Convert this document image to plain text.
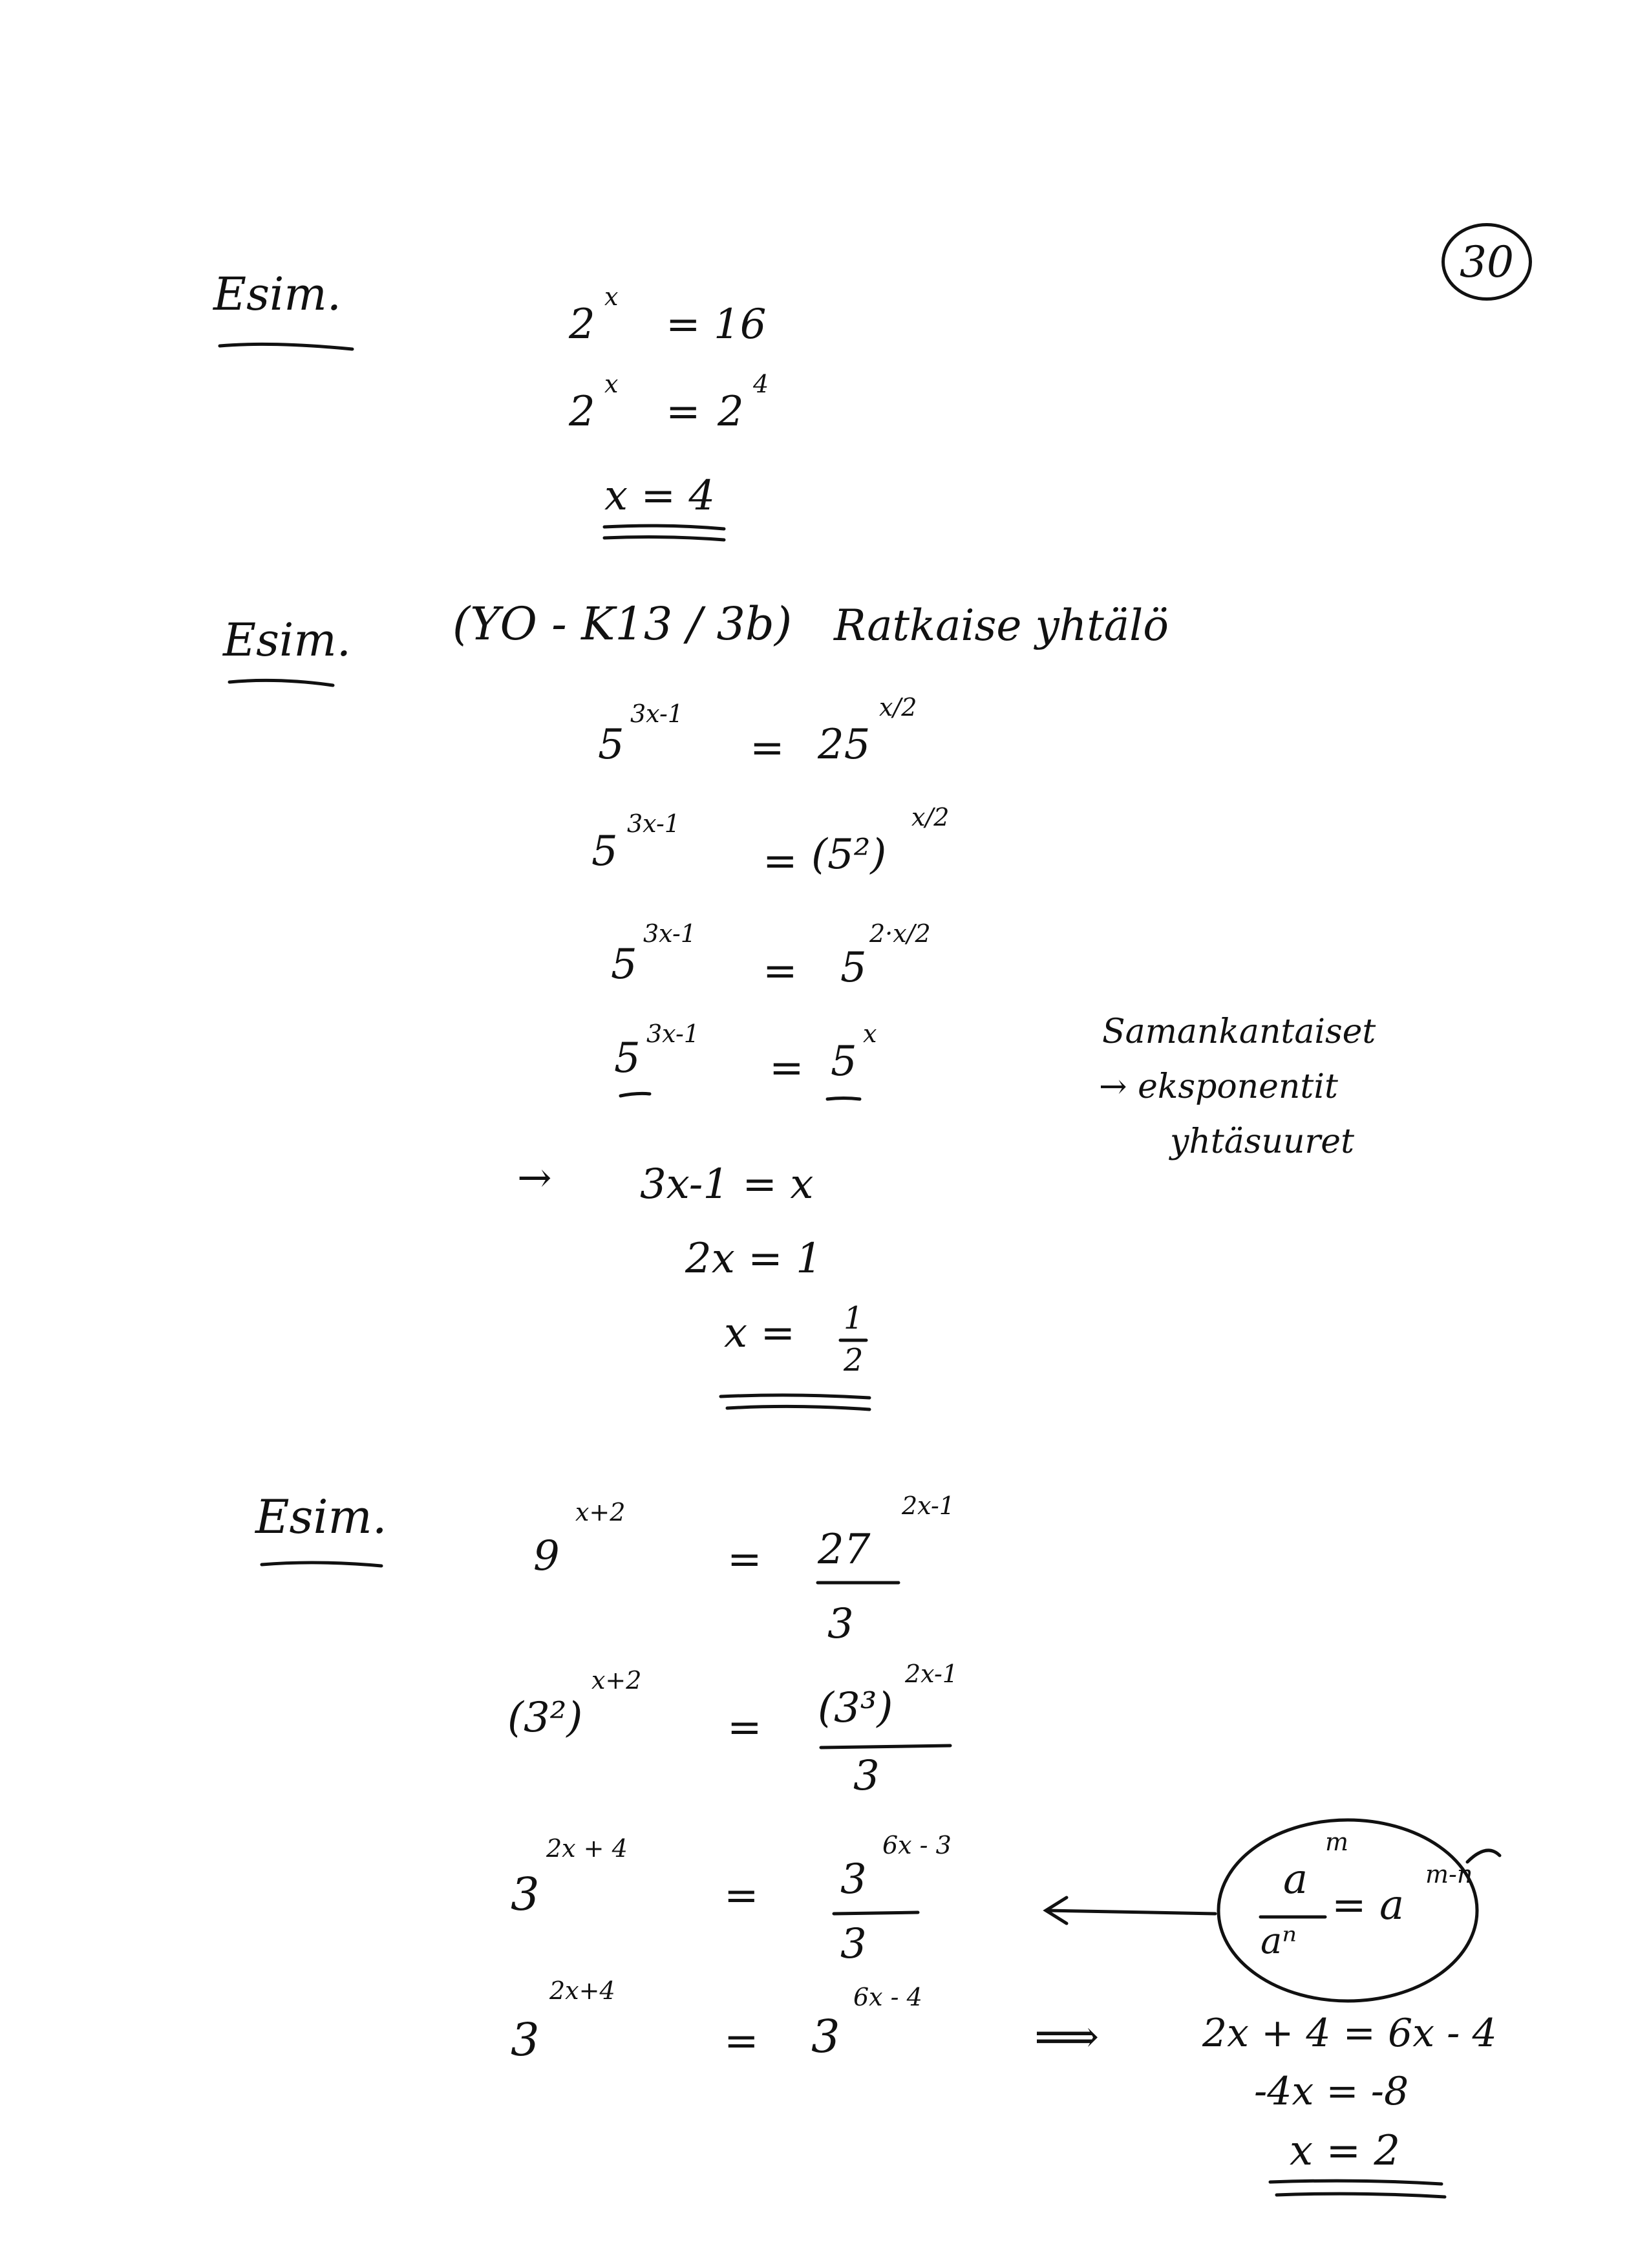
30
Esim.
2
x
= 16
2
x
= 2
4
x = 4
Esim. (YO - K13 / 3b) Ratkaise yhtälö
5
3x-1
= 25
x/2
5
3x-1
= (5²)
x/2
5
3x-1
= 5
2·x/2
5
3x-1
= 5
x
→ 3x-1 = x
2x = 1
x = 1
2
Samankantaiset
→ eksponentit
yhtäsuuret
Esim.
9
x+2
= 27
2x-1
3
(3²)
x+2
= (3³)
2x-1
3
3
2x + 4
= 3
6x - 3
3
3
2x+4
= 3
6x - 4
⟹
a
m
aⁿ
= a
m-n
2x + 4 = 6x - 4
-4x = -8
x = 2
